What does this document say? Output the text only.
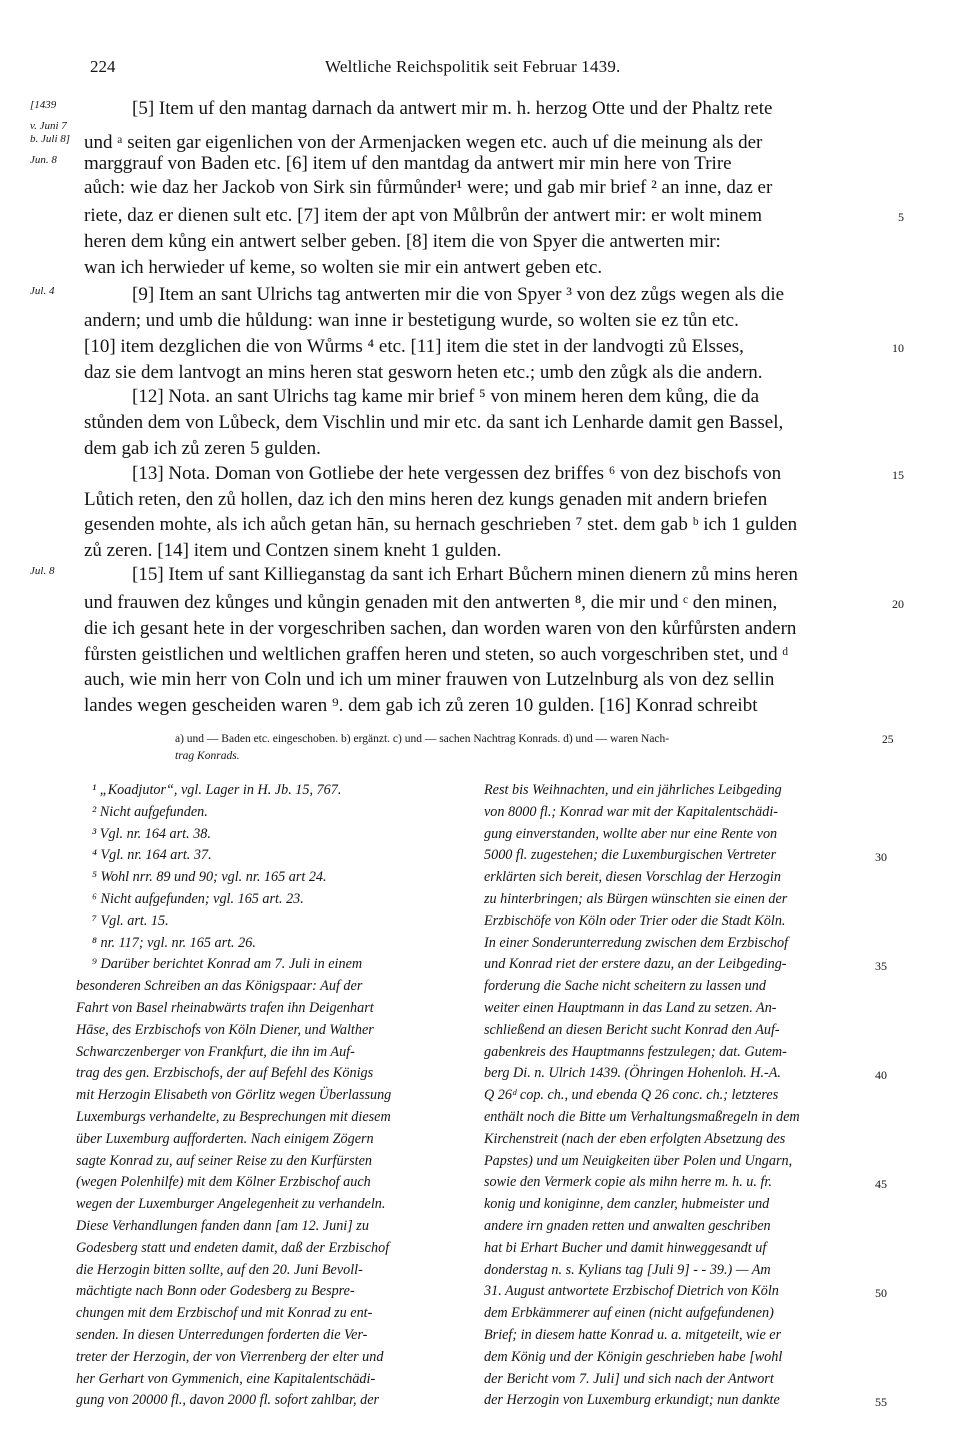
224	Weltliche Reichspolitik seit Februar 1439.
[1439	[5] Item uf den mantag darnach da antwert mir m. h. herzog Otte und der Phaltz rete
v. Juni 7
b. Juli 8] und ᵃ seiten gar eigenlichen von der Armenjacken wegen etc. auch uf die meinung als der
Jun. 8 marggrauf von Baden etc. [6] item uf den mantdag da antwert mir min here von Trire
aůch: wie daz her Jackob von Sirk sin fůrmůnder¹ were; und gab mir brief ² an inne, daz er
riete, daz er dienen sult etc. [7] item der apt von Můlbrůn der antwert mir: er wolt minem	5
heren dem kůng ein antwert selber geben. [8] item die von Spyer die antwerten mir:
wan ich herwieder uf keme, so wolten sie mir ein antwert geben etc.
Jul. 4	[9] Item an sant Ulrichs tag antwerten mir die von Spyer ³ von dez zůgs wegen als die
andern; und umb die hůldung: wan inne ir bestetigung wurde, so wolten sie ez tůn etc.
[10] item dezglichen die von Wůrms ⁴ etc. [11] item die stet in der landvogti zů Elsses,	10
daz sie dem lantvogt an mins heren stat gesworn heten etc.; umb den zůgk als die andern.
[12] Nota. an sant Ulrichs tag kame mir brief ⁵ von minem heren dem kůng, die da
stůnden dem von Lůbeck, dem Vischlin und mir etc. da sant ich Lenharde damit gen Bassel,
dem gab ich zů zeren 5 gulden.
[13] Nota. Doman von Gotliebe der hete vergessen dez briffes ⁶ von dez bischofs von	15
Lůtich reten, den zů hollen, daz ich den mins heren dez kungs genaden mit andern briefen
gesenden mohte, als ich aůch getan hān, su hernach geschrieben ⁷ stet. dem gab ᵇ ich 1 gulden
zů zeren. [14] item und Contzen sinem kneht 1 gulden.
Jul. 8	[15] Item uf sant Killieganstag da sant ich Erhart Bůchern minen dienern zů mins heren
und frauwen dez kůnges und kůngin genaden mit den antwerten ⁸, die mir und ᶜ den minen,	20
die ich gesant hete in der vorgeschriben sachen, dan worden waren von den kůrfůrsten andern
fůrsten geistlichen und weltlichen graffen heren und steten, so auch vorgeschriben stet, und ᵈ
auch, wie min herr von Coln und ich um miner frauwen von Lutzelnburg als von dez sellin
landes wegen gescheiden waren ⁹. dem gab ich zů zeren 10 gulden. [16] Konrad schreibt
a) und — Baden etc. eingeschoben. b) ergänzt. c) und — sachen Nachtrag Konrads. d) und — waren Nach-
trag Konrads.
25
¹ „Koadjutor“, vgl. Lager in H. Jb. 15, 767.
² Nicht aufgefunden.
³ Vgl. nr. 164 art. 38.
⁴ Vgl. nr. 164 art. 37.
⁵ Wohl nrr. 89 und 90; vgl. nr. 165 art 24.
⁶ Nicht aufgefunden; vgl. 165 art. 23.
⁷ Vgl. art. 15.
⁸ nr. 117; vgl. nr. 165 art. 26.
⁹ Darüber berichtet Konrad am 7. Juli in einem
besonderen Schreiben an das Königspaar: Auf der
Fahrt von Basel rheinabwärts trafen ihn Deigenhart
Hāse, des Erzbischofs von Köln Diener, und Walther
Schwarczenberger von Frankfurt, die ihn im Auf-
trag des gen. Erzbischofs, der auf Befehl des Königs
mit Herzogin Elisabeth von Görlitz wegen Überlassung
Luxemburgs verhandelte, zu Besprechungen mit diesem
über Luxemburg aufforderten. Nach einigem Zögern
sagte Konrad zu, auf seiner Reise zu den Kurfürsten
(wegen Polenhilfe) mit dem Kölner Erzbischof auch
wegen der Luxemburger Angelegenheit zu verhandeln.
Diese Verhandlungen fanden dann [am 12. Juni] zu
Godesberg statt und endeten damit, daß der Erzbischof
die Herzogin bitten sollte, auf den 20. Juni Bevoll-
mächtigte nach Bonn oder Godesberg zu Bespre-
chungen mit dem Erzbischof und mit Konrad zu ent-
senden. In diesen Unterredungen forderten die Ver-
treter der Herzogin, der von Vierrenberg der elter und
her Gerhart von Gymmenich, eine Kapitalentschädi-
gung von 20000 fl., davon 2000 fl. sofort zahlbar, der
Rest bis Weihnachten, und ein jährliches Leibgeding
von 8000 fl.; Konrad war mit der Kapitalentschädi-
gung einverstanden, wollte aber nur eine Rente von
5000 fl. zugestehen; die Luxemburgischen Vertreter	30
erklärten sich bereit, diesen Vorschlag der Herzogin
zu hinterbringen; als Bürgen wünschten sie einen der
Erzbischöfe von Köln oder Trier oder die Stadt Köln.
In einer Sonderunterredung zwischen dem Erzbischof
und Konrad riet der erstere dazu, an der Leibgeding-	35
forderung die Sache nicht scheitern zu lassen und
weiter einen Hauptmann in das Land zu setzen. An-
schließend an diesen Bericht sucht Konrad den Auf-
gabenkreis des Hauptmanns festzulegen; dat. Gutem-
berg Di. n. Ulrich 1439. (Öhringen Hohenloh. H.-A.	40
Q 26ᵈ cop. ch., und ebenda Q 26 conc. ch.; letzteres
enthält noch die Bitte um Verhaltungsmaßregeln in dem
Kirchenstreit (nach der eben erfolgten Absetzung des
Papstes) und um Neuigkeiten über Polen und Ungarn,
sowie den Vermerk copie als mihn herre m. h. u. fr.	45
konig und koniginne, dem canzler, hubmeister und
andere irn gnaden retten und anwalten geschriben
hat bi Erhart Bucher und damit hinweggesandt uf
donderstag n. s. Kylians tag [Juli 9] - - 39.) — Am
31. August antwortete Erzbischof Dietrich von Köln	50
dem Erbkämmerer auf einen (nicht aufgefundenen)
Brief; in diesem hatte Konrad u. a. mitgeteilt, wie er
dem König und der Königin geschrieben habe [wohl
der Bericht vom 7. Juli] und sich nach der Antwort
der Herzogin von Luxemburg erkundigt; nun dankte	55
